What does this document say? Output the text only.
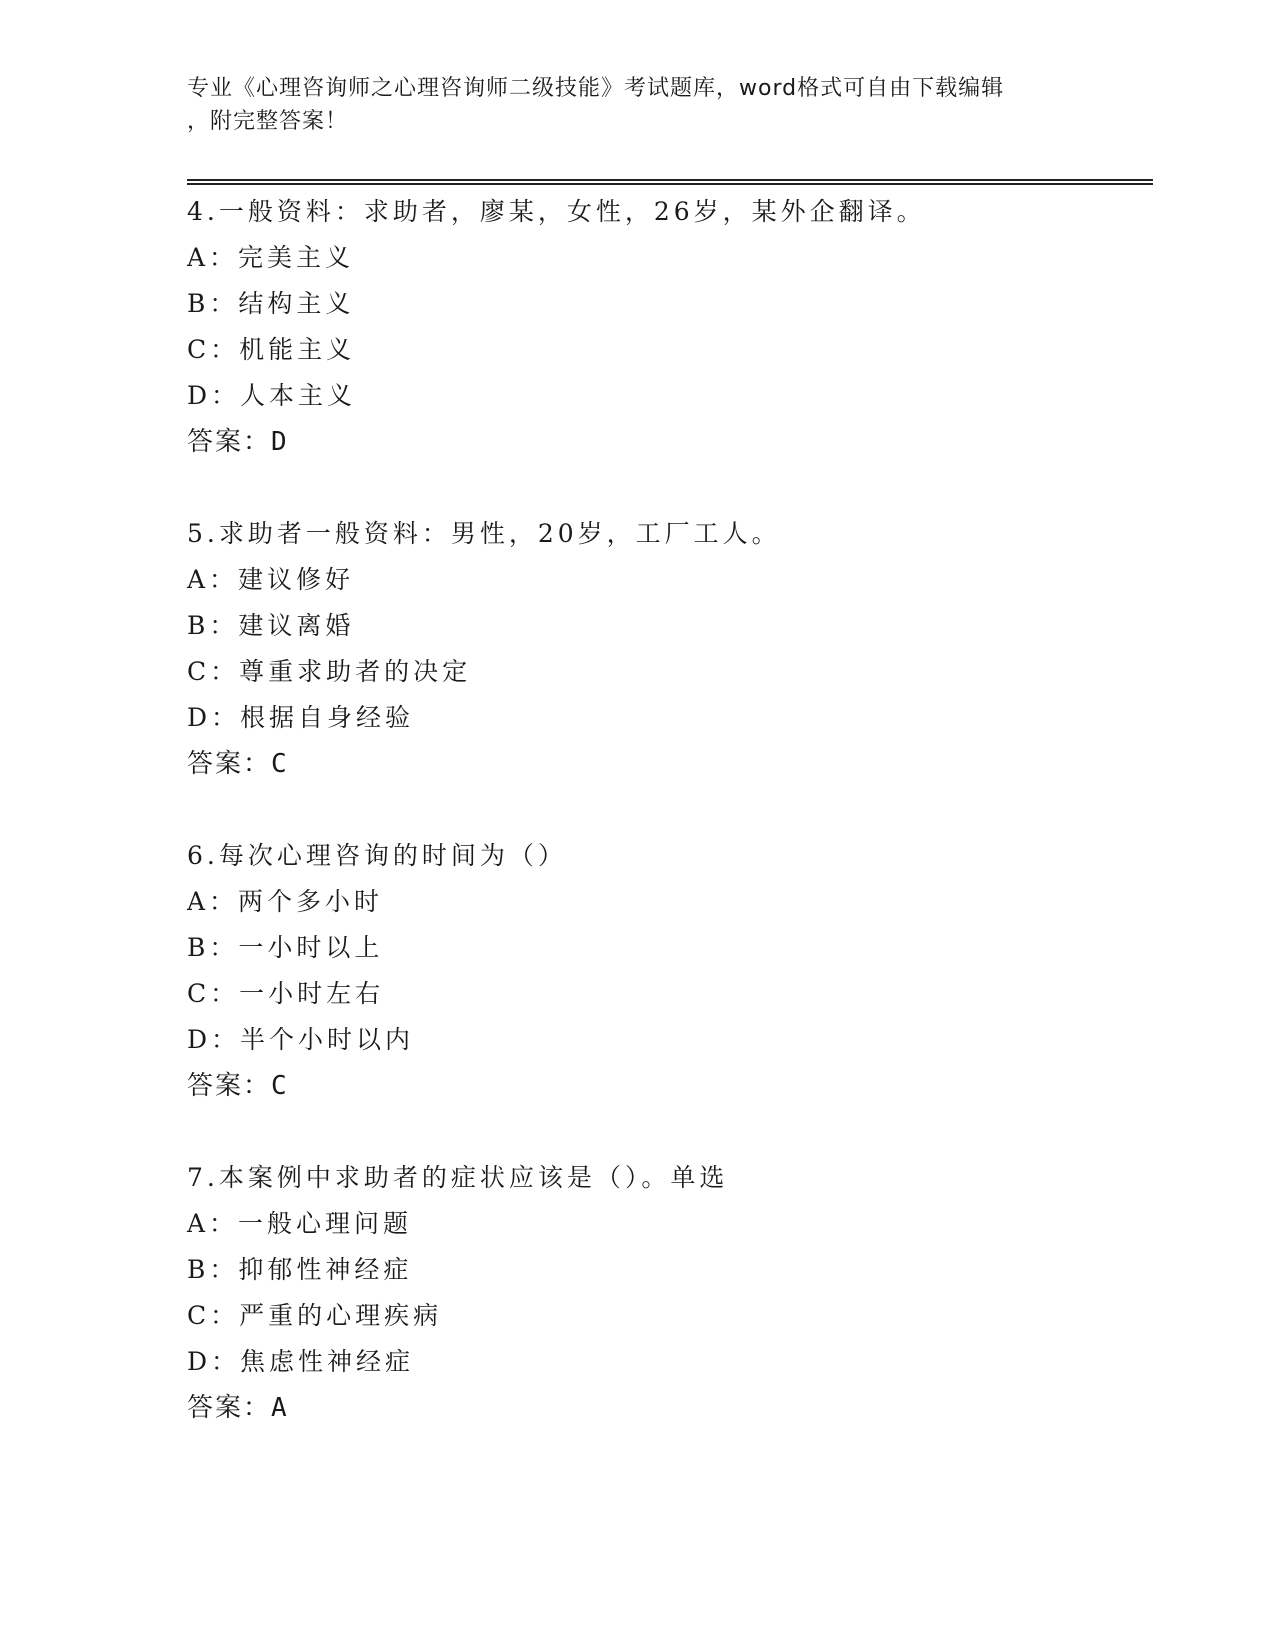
专业《心理咨询师之心理咨询师二级技能》考试题库，word格式可自由下载编辑
，附完整答案！
4.一般资料：求助者，廖某，女性，26岁，某外企翻译。
A：完美主义
B：结构主义
C：机能主义
D：人本主义
答案：D
5.求助者一般资料：男性，20岁，工厂工人。
A：建议修好
B：建议离婚
C：尊重求助者的决定
D：根据自身经验
答案：C
6.每次心理咨询的时间为（）
A：两个多小时
B：一小时以上
C：一小时左右
D：半个小时以内
答案：C
7.本案例中求助者的症状应该是（）。单选
A：一般心理问题
B：抑郁性神经症
C：严重的心理疾病
D：焦虑性神经症
答案：A
